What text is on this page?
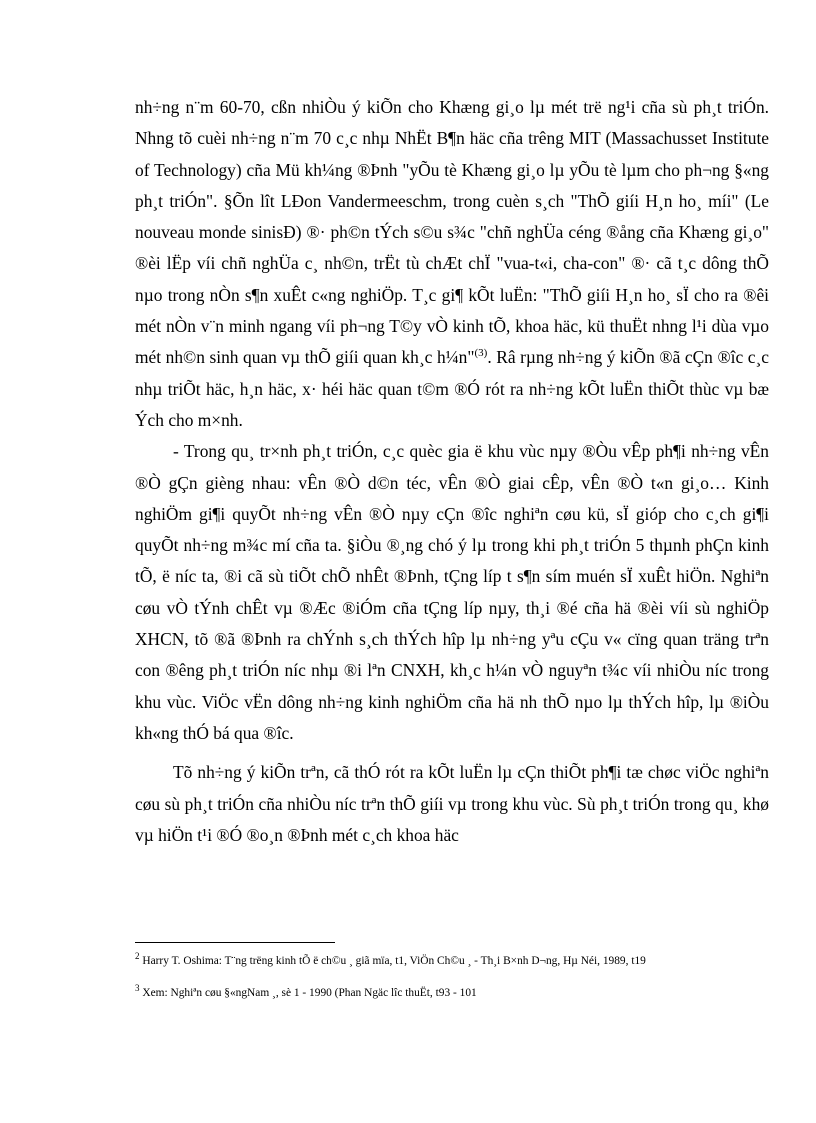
nh÷ng n¨m 60-70, cßn nhiÒu ý kiÕn cho Khæng gi¸o lµ mét trë ng¹i cña sù ph¸t triÓn. Nhng tõ cuèi nh÷ng n¨m 70 c¸c nhµ NhËt B¶n häc cña trêng MIT (Massachusset Institute of Technology) cña Mü kh¼ng ®Þnh "yÕu tè Khæng gi¸o lµ yÕu tè lµm cho ph¬ng §«ng ph¸t triÓn". §Õn lît LÐon Vandermeeschm, trong cuèn s¸ch "ThÕ giíi H¸n ho¸ míi" (Le nouveau monde sinisÐ) ®· ph©n tÝch s©u s¾c "chñ nghÜa céng ®ång cña Khæng gi¸o" ®èi lËp víi chñ nghÜa c¸ nh©n, trËt tù chÆt chÏ "vua-t«i, cha-con" ®· cã t¸c dông thÕ nµo trong nÒn s¶n xuÊt c«ng nghiÖp. T¸c gi¶ kÕt luËn: "ThÕ giíi H¸n ho¸ sÏ cho ra ®êi mét nÒn v¨n minh ngang víi ph¬ng T©y vÒ kinh tÕ, khoa häc, kü thuËt nhng l¹i dùa vµo mét nh©n sinh quan vµ thÕ giíi quan kh¸c h¼n"$^{(3)}$. Râ rµng nh÷ng ý kiÕn ®ã cÇn ®îc c¸c nhµ triÕt häc, h¸n häc, x· héi häc quan t©m ®Ó rót ra nh÷ng kÕt luËn thiÕt thùc vµ bæ Ých cho m×nh.

- Trong qu¸ tr×nh ph¸t triÓn, c¸c quèc gia ë khu vùc nµy ®Òu vÊp ph¶i nh÷ng vÊn ®Ò gÇn gièng nhau: vÊn ®Ò d©n téc, vÊn ®Ò giai cÊp, vÊn ®Ò t«n gi¸o… Kinh nghiÖm gi¶i quyÕt nh÷ng vÊn ®Ò nµy cÇn ®îc nghiªn cøu kü, sÏ gióp cho c¸ch gi¶i quyÕt nh÷ng m¾c mí cña ta. §iÒu ®¸ng chó ý lµ trong khi ph¸t triÓn 5 thµnh phÇn kinh tÕ, ë níc ta, ®i cã sù tiÕt chÕ nhÊt ®Þnh, tÇng líp t s¶n sím muén sÏ xuÊt hiÖn. Nghiªn cøu vÒ tÝnh chÊt vµ ®Æc ®iÓm cña tÇng líp nµy, th¸i ®é cña hä ®èi víi sù nghiÖp XHCN, tõ ®ã ®Þnh ra chÝnh s¸ch thÝch hîp lµ nh÷ng yªu cÇu v« cïng quan träng trªn con ®êng ph¸t triÓn níc nhµ ®i lªn CNXH, kh¸c h¼n vÒ nguyªn t¾c víi nhiÒu níc trong khu vùc. ViÖc vËn dông nh÷ng kinh nghiÖm cña hä nh thÕ nµo lµ thÝch hîp, lµ ®iÒu kh«ng thÓ bá qua ®îc.

Tõ nh÷ng ý kiÕn trªn, cã thÓ rót ra kÕt luËn lµ cÇn thiÕt ph¶i tæ chøc viÖc nghiªn cøu sù ph¸t triÓn cña nhiÒu níc trªn thÕ giíi vµ trong khu vùc. Sù ph¸t triÓn trong qu¸ khø vµ hiÖn t¹i ®Ó ®o¸n ®Þnh mét c¸ch khoa häc

$^2$ Harry T. Oshima: T¨ng trëng kinh tÕ ë ch©u ¸ giã mïa, t1, ViÖn Ch©u ¸ - Th¸i B×nh D¬ng, Hµ Néi, 1989, t19

$^3$ Xem: Nghiªn cøu §«ngNam ¸, sè 1 - 1990 (Phan Ngäc lîc thuËt, t93 - 101
